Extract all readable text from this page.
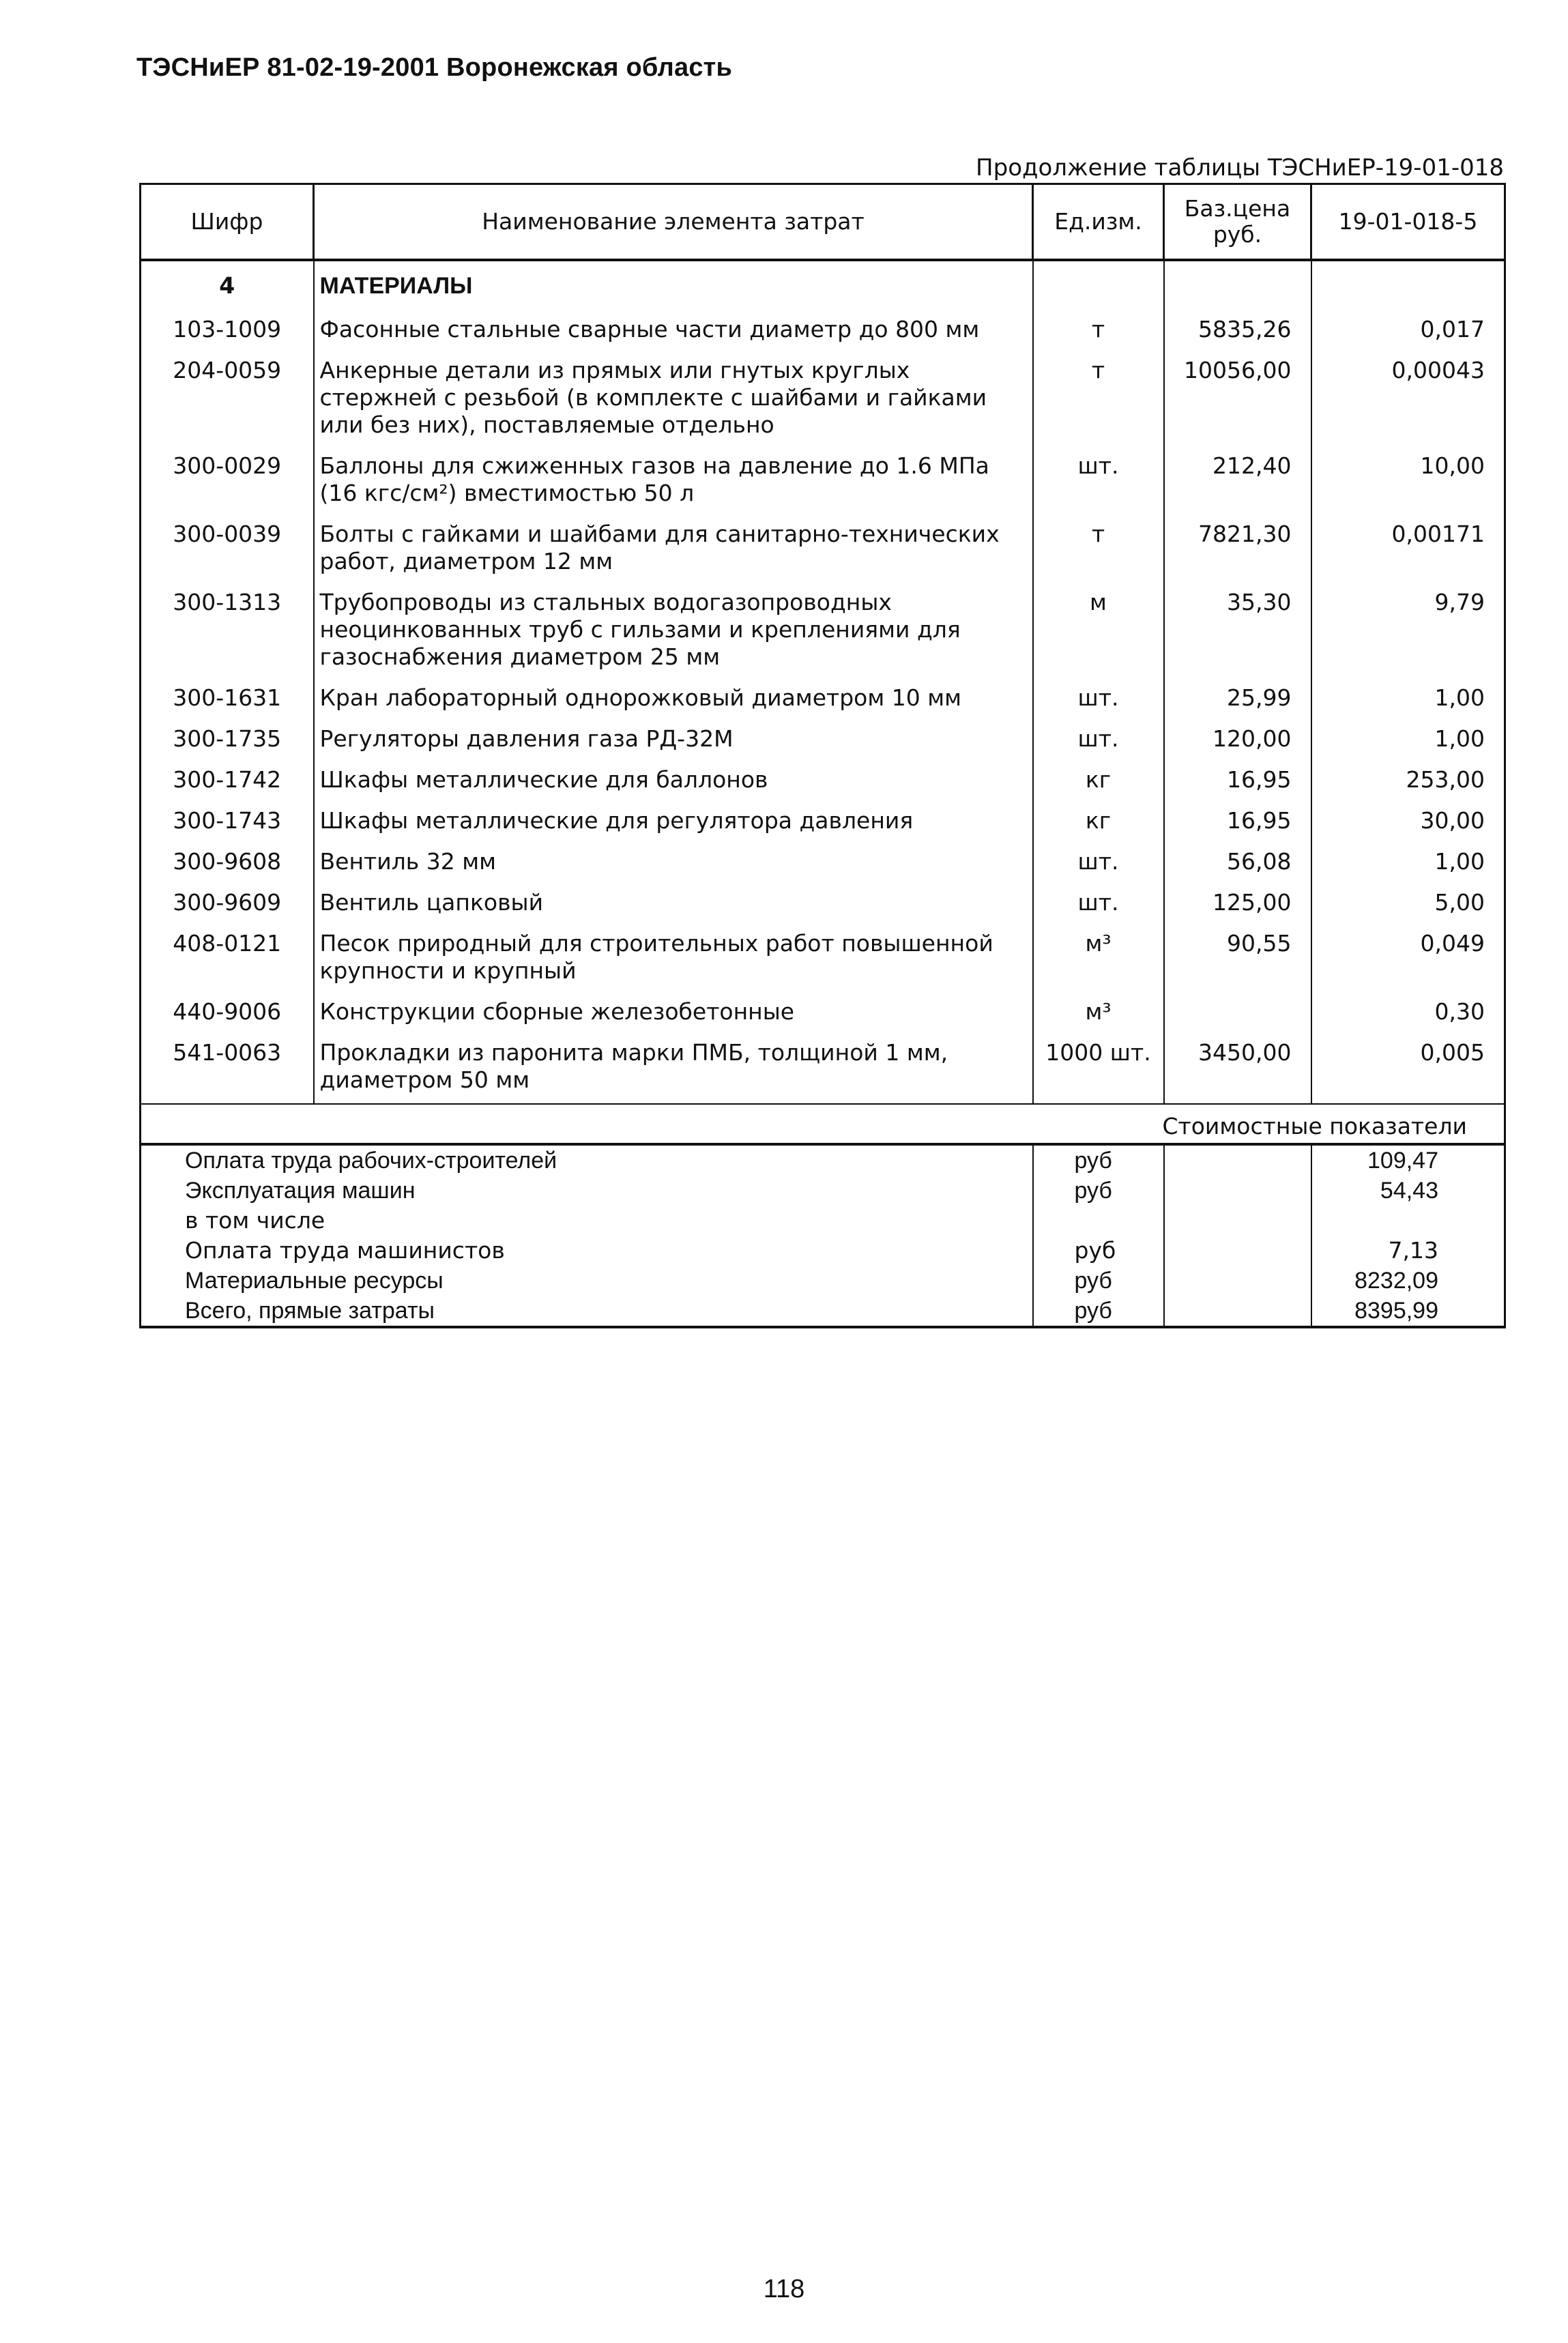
ТЭСНиЕР 81-02-19-2001 Воронежская область
Продолжение таблицы ТЭСНиЕР-19-01-018
Шифр	Наименование элемента затрат	Ед.изм.	Баз.цена руб.	19-01-018-5
4	МАТЕРИАЛЫ			
103-1009	Фасонные стальные сварные части диаметр до 800 мм	т	5835,26	0,017
204-0059	Анкерные детали из прямых или гнутых круглых стержней с резьбой (в комплекте с шайбами и гайками или без них), поставляемые отдельно	т	10056,00	0,00043
300-0029	Баллоны для сжиженных газов на давление до 1.6 МПа (16 кгс/см²) вместимостью 50 л	шт.	212,40	10,00
300-0039	Болты с гайками и шайбами для санитарно-технических работ, диаметром 12 мм	т	7821,30	0,00171
300-1313	Трубопроводы из стальных водогазопроводных неоцинкованных труб с гильзами и креплениями для газоснабжения диаметром 25 мм	м	35,30	9,79
300-1631	Кран лабораторный однорожковый диаметром 10 мм	шт.	25,99	1,00
300-1735	Регуляторы давления газа РД-32М	шт.	120,00	1,00
300-1742	Шкафы металлические для баллонов	кг	16,95	253,00
300-1743	Шкафы металлические для регулятора давления	кг	16,95	30,00
300-9608	Вентиль 32 мм	шт.	56,08	1,00
300-9609	Вентиль цапковый	шт.	125,00	5,00
408-0121	Песок природный для строительных работ повышенной крупности и крупный	м³	90,55	0,049
440-9006	Конструкции сборные железобетонные	м³		0,30
541-0063	Прокладки из паронита марки ПМБ, толщиной 1 мм, диаметром 50 мм	1000 шт.	3450,00	0,005

Стоимостные показатели				
Оплата труда рабочих-строителей		руб		109,47
Эксплуатация машин		руб		54,43
в том числе				
Оплата труда машинистов		руб		7,13
Материальные ресурсы		руб		8232,09
Всего, прямые затраты		руб		8395,99
118
